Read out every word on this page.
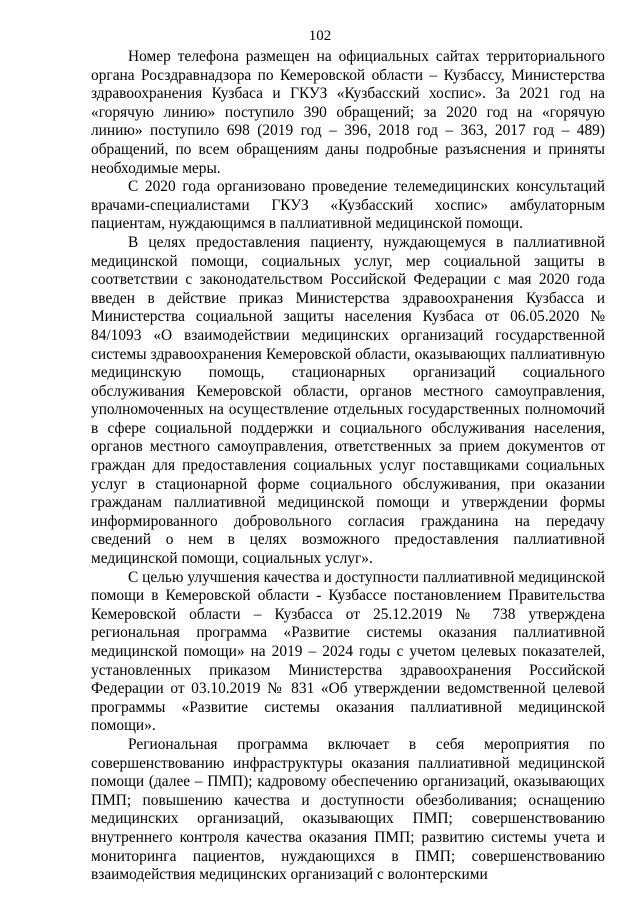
102

Номер телефона размещен на официальных сайтах территориального органа Росздравнадзора по Кемеровской области – Кузбассу, Министерства здравоохранения Кузбаса и ГКУЗ «Кузбасский хоспис». За 2021 год на «горячую линию» поступило 390 обращений; за 2020 год на «горячую линию» поступило 698 (2019 год – 396, 2018 год – 363, 2017 год – 489) обращений, по всем обращениям даны подробные разъяснения и приняты необходимые меры.

С 2020 года организовано проведение телемедицинских консультаций врачами-специалистами ГКУЗ «Кузбасский хоспис» амбулаторным пациентам, нуждающимся в паллиативной медицинской помощи.

В целях предоставления пациенту, нуждающемуся в паллиативной медицинской помощи, социальных услуг, мер социальной защиты в соответствии с законодательством Российской Федерации с мая 2020 года введен в действие приказ Министерства здравоохранения Кузбасса и Министерства социальной защиты населения Кузбаса от 06.05.2020 № 84/1093 «О взаимодействии медицинских организаций государственной системы здравоохранения Кемеровской области, оказывающих паллиативную медицинскую помощь, стационарных организаций социального обслуживания Кемеровской области, органов местного самоуправления, уполномоченных на осуществление отдельных государственных полномочий в сфере социальной поддержки и социального обслуживания населения, органов местного самоуправления, ответственных за прием документов от граждан для предоставления социальных услуг поставщиками социальных услуг в стационарной форме социального обслуживания, при оказании гражданам паллиативной медицинской помощи и утверждении формы информированного добровольного согласия гражданина на передачу сведений о нем в целях возможного предоставления паллиативной медицинской помощи, социальных услуг».

С целью улучшения качества и доступности паллиативной медицинской помощи в Кемеровской области - Кузбассе постановлением Правительства Кемеровской области – Кузбасса от 25.12.2019 № 738 утверждена региональная программа «Развитие системы оказания паллиативной медицинской помощи» на 2019 – 2024 годы с учетом целевых показателей, установленных приказом Министерства здравоохранения Российской Федерации от 03.10.2019 № 831 «Об утверждении ведомственной целевой программы «Развитие системы оказания паллиативной медицинской помощи».

Региональная программа включает в себя мероприятия по совершенствованию инфраструктуры оказания паллиативной медицинской помощи (далее – ПМП); кадровому обеспечению организаций, оказывающих ПМП; повышению качества и доступности обезболивания; оснащению медицинских организаций, оказывающих ПМП; совершенствованию внутреннего контроля качества оказания ПМП; развитию системы учета и мониторинга пациентов, нуждающихся в ПМП; совершенствованию взаимодействия медицинских организаций с волонтерскими
